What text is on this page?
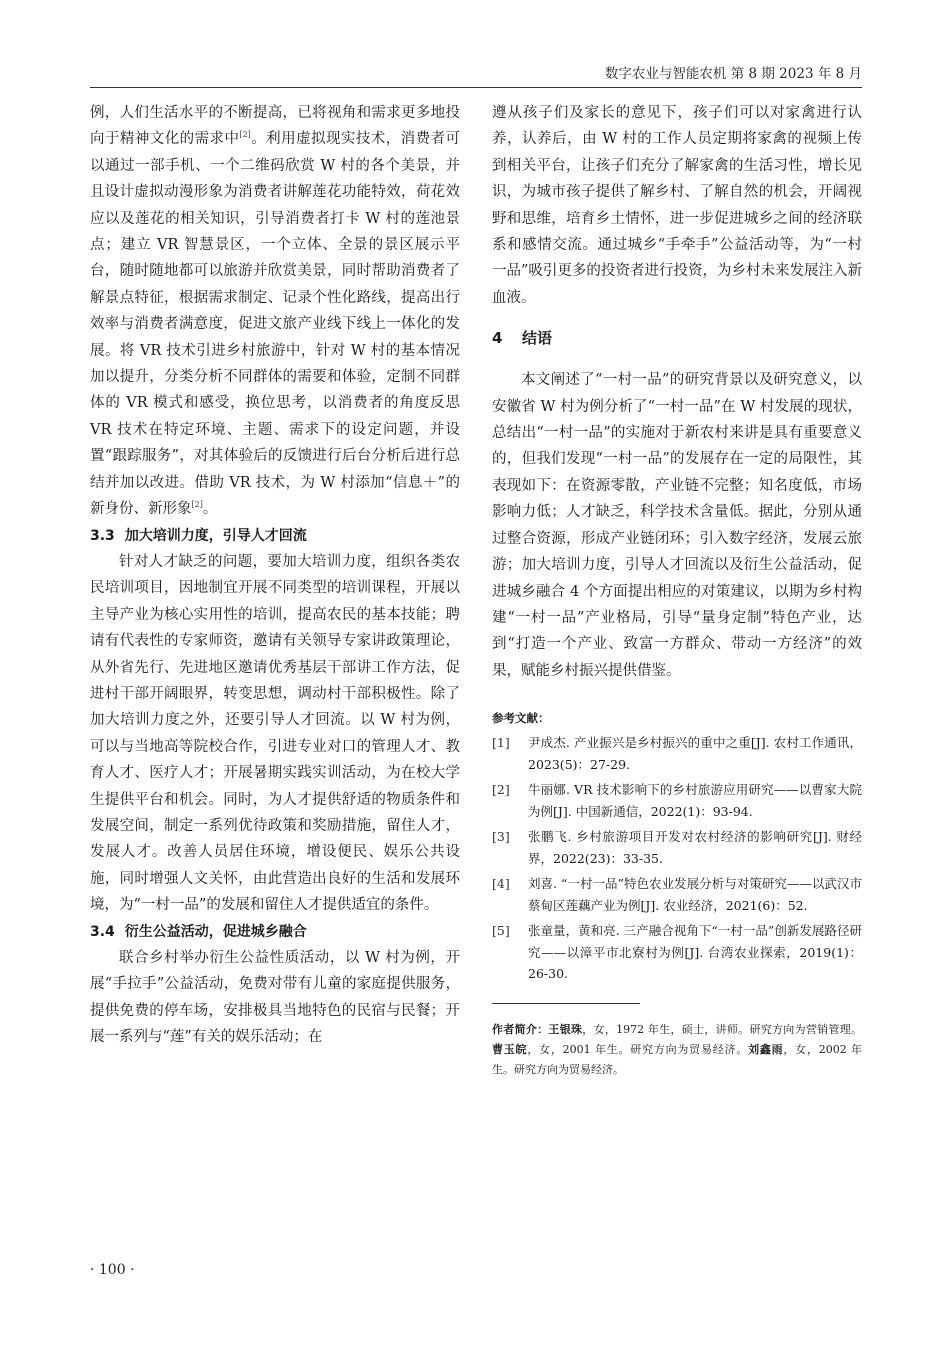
数字农业与智能农机 第 8 期 2023 年 8 月

例，人们生活水平的不断提高，已将视角和需求更多地投向于精神文化的需求中[2]。利用虚拟现实技术，消费者可以通过一部手机、一个二维码欣赏 W 村的各个美景，并且设计虚拟动漫形象为消费者讲解莲花功能特效，荷花效应以及莲花的相关知识，引导消费者打卡 W 村的莲池景点；建立 VR 智慧景区，一个立体、全景的景区展示平台，随时随地都可以旅游并欣赏美景，同时帮助消费者了解景点特征，根据需求制定、记录个性化路线，提高出行效率与消费者满意度，促进文旅产业线下线上一体化的发展。将 VR 技术引进乡村旅游中，针对 W 村的基本情况加以提升，分类分析不同群体的需要和体验，定制不同群体的 VR 模式和感受，换位思考，以消费者的角度反思 VR 技术在特定环境、主题、需求下的设定问题，并设置“跟踪服务”，对其体验后的反馈进行后台分析后进行总结并加以改进。借助 VR 技术，为 W 村添加“信息＋”的新身份、新形象[2]。

3.3 加大培训力度，引导人才回流

针对人才缺乏的问题，要加大培训力度，组织各类农民培训项目，因地制宜开展不同类型的培训课程，开展以主导产业为核心实用性的培训，提高农民的基本技能；聘请有代表性的专家师资，邀请有关领导专家讲政策理论，从外省先行、先进地区邀请优秀基层干部讲工作方法，促进村干部开阔眼界，转变思想，调动村干部积极性。除了加大培训力度之外，还要引导人才回流。以 W 村为例，可以与当地高等院校合作，引进专业对口的管理人才、教育人才、医疗人才；开展暑期实践实训活动，为在校大学生提供平台和机会。同时，为人才提供舒适的物质条件和发展空间，制定一系列优待政策和奖励措施，留住人才，发展人才。改善人员居住环境，增设便民、娱乐公共设施，同时增强人文关怀，由此营造出良好的生活和发展环境，为“一村一品”的发展和留住人才提供适宜的条件。

3.4 衍生公益活动，促进城乡融合

联合乡村举办衍生公益性质活动，以 W 村为例，开展“手拉手”公益活动，免费对带有儿童的家庭提供服务，提供免费的停车场，安排极具当地特色的民宿与民餐；开展一系列与“莲”有关的娱乐活动；在

遵从孩子们及家长的意见下，孩子们可以对家禽进行认养，认养后，由 W 村的工作人员定期将家禽的视频上传到相关平台，让孩子们充分了解家禽的生活习性，增长见识，为城市孩子提供了解乡村、了解自然的机会，开阔视野和思维，培育乡土情怀，进一步促进城乡之间的经济联系和感情交流。通过城乡“手牵手”公益活动等，为“一村一品”吸引更多的投资者进行投资，为乡村未来发展注入新血液。

4 结语

本文阐述了“一村一品”的研究背景以及研究意义，以安徽省 W 村为例分析了“一村一品”在 W 村发展的现状，总结出“一村一品”的实施对于新农村来讲是具有重要意义的，但我们发现“一村一品”的发展存在一定的局限性，其表现如下：在资源零散，产业链不完整；知名度低，市场影响力低；人才缺乏，科学技术含量低。据此，分别从通过整合资源，形成产业链闭环；引入数字经济，发展云旅游；加大培训力度，引导人才回流以及衍生公益活动，促进城乡融合 4 个方面提出相应的对策建议，以期为乡村构建“一村一品”产业格局，引导“量身定制”特色产业，达到“打造一个产业、致富一方群众、带动一方经济”的效果，赋能乡村振兴提供借鉴。

参考文献：
[1]	尹成杰. 产业振兴是乡村振兴的重中之重[J]. 农村工作通讯，2023(5)：27-29.
[2]	牛丽娜. VR 技术影响下的乡村旅游应用研究——以曹家大院为例[J]. 中国新通信，2022(1)：93-94.
[3]	张鹏飞. 乡村旅游项目开发对农村经济的影响研究[J]. 财经界，2022(23)：33-35.
[4]	刘喜. “一村一品”特色农业发展分析与对策研究——以武汉市蔡甸区莲藕产业为例[J]. 农业经济，2021(6)：52.
[5]	张童量，黄和亮. 三产融合视角下“一村一品”创新发展路径研究——以漳平市北寮村为例[J]. 台湾农业探索，2019(1)：26-30.
作者简介：王银珠，女，1972 年生，硕士，讲师。研究方向为营销管理。曹玉皖，女，2001 年生。研究方向为贸易经济。刘鑫雨，女，2002 年生。研究方向为贸易经济。
· 100 ·
